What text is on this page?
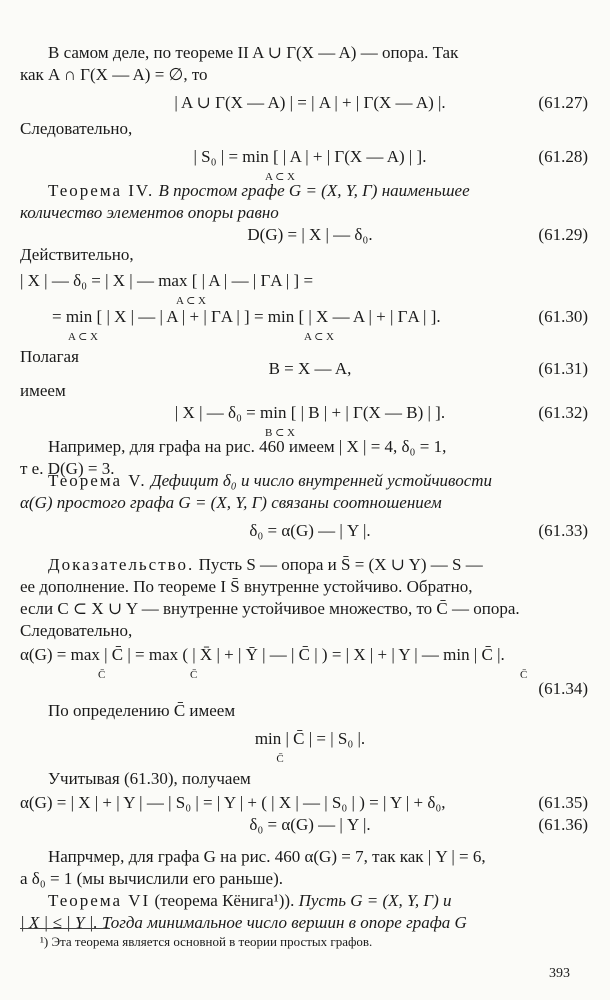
В самом деле, по теореме II A ∪ Γ(X — A) — опора. Так
как A ∩ Γ(X — A) = ∅, то
Следовательно,
количество элементов опоры равно
Действительно,
Полагая
имеем
Например, для графа на рис. 460 имеем | X | = 4, δ₀ = 1,
т е. D(G) = 3.
α(G) простого графа G = (X, Y, Γ) связаны соотношением
ее дополнение. По теореме I S̄ внутренне устойчиво. Обратно,
если C ⊂ X ∪ Y — внутренне устойчивое множество, то C̄ — опора.
Следовательно,
По определению C̄ имеем
Учитывая (61.30), получаем
Напрчмер, для графа G на рис. 460 α(G) = 7, так как | Y | = 6,
а δ₀ = 1 (мы вычислили его раньше).
| X | ≤ | Y |. Тогда минимальное число вершин в опоре графа G
| A ∪ Γ(X — A) | = | A | + | Γ(X — A) |.	(61.27)
| S₀ | = min [ | A | + | Γ(X — A) | ].
A ⊂ X
(61.28)
D(G) = | X | — δ₀.	(61.29)
B = X — A,	(61.31)
| X | — δ₀ = min [ | B | + | Γ(X — B) | ].
B ⊂ X
(61.32)
δ₀ = α(G) — | Y |.	(61.33)
min | C̄ | = | S₀ |.
C̄
δ₀ = α(G) — | Y |.	(61.36)
Теорема IV. В простом графе G = (X, Y, Γ) наименьшее
| X | — δ₀ = | X | — max [ | A | — | ΓA | ] =
A ⊂ X
= min [ | X | — | A | + | ΓA | ] = min [ | X — A | + | ΓA | ].
A ⊂ X	A ⊂ X
(61.30)
Теорема V. Дефицит δ₀ и число внутренней устойчивости
Доказательство. Пусть S — опора и S̄ = (X ∪ Y) — S —
α(G) = max | C̄ | = max ( | X̄ | + | Ȳ | — | C̄ | ) = | X | + | Y | — min | C̄ |.
C̄	C̄	C̄
(61.34)
α(G) = | X | + | Y | — | S₀ | = | Y | + ( | X | — | S₀ | ) = | Y | + δ₀,	(61.35)
Теорема VI (теорема Кёнига¹)). Пусть G = (X, Y, Γ) и
¹) Эта теорема является основной в теории простых графов.
393
